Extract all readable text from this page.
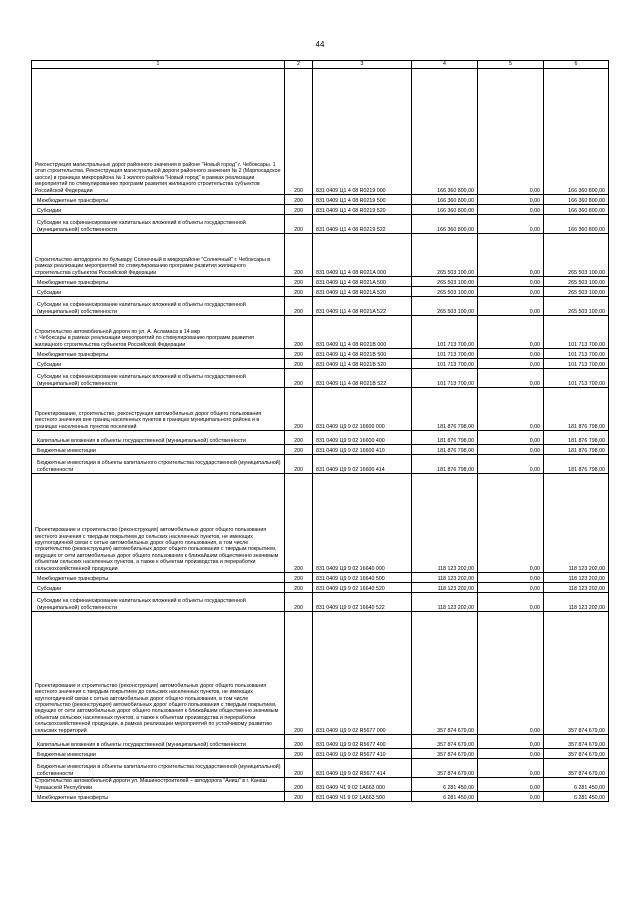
44
1	2	3	4	5	6
Реконструкция магистральных дорог районного значения в районе "Новый город" г. Чебоксары. 1 этап строительства. Реконструкция магистральной дороги районного значения № 2 (Марпосадское шоссе) в границах микрорайона № 1 жилого района "Новый город" в рамках реализации мероприятий по стимулированию программ развития жилищного строительства субъектов Российской Федерации	200	831 0409 Ц1 4 08 R0219 000	166 360 800,00	0,00	166 360 800,00
Межбюджетные трансферты	200	831 0409 Ц1 4 08 R0219 500	166 360 800,00	0,00	166 360 800,00
Субсидии	200	831 0409 Ц1 4 08 R0219 520	166 360 800,00	0,00	166 360 800,00
Субсидии на софинансирование капитальных вложений в объекты государственной (муниципальной) собственности	200	831 0409 Ц1 4 08 R0219 522	166 360 800,00	0,00	166 360 800,00
Строительство автодороги по бульвару Солнечный в микрорайоне "Солнечный" г. Чебоксары в рамках реализации мероприятий по стимулированию программ развития жилищного строительства субъектов Российской Федерации	200	831 0409 Ц1 4 08 R021A 000	265 503 100,00	0,00	265 503 100,00
Межбюджетные трансферты	200	831 0409 Ц1 4 08 R021A 500	265 503 100,00	0,00	265 503 100,00
Субсидии	200	831 0409 Ц1 4 08 R021A 520	265 503 100,00	0,00	265 503 100,00
Субсидии на софинансирование капитальных вложений в объекты государственной (муниципальной) собственности	200	831 0409 Ц1 4 08 R021A 522	265 503 100,00	0,00	265 503 100,00
Строительство автомобильной дороги по ул. А. Асламаса в 14 мкр
г. Чебоксары в рамках реализации мероприятий по стимулированию программ развития жилищного строительства субъектов Российской Федерации	200	831 0409 Ц1 4 08 R021B 000	101 713 700,00	0,00	101 713 700,00
Межбюджетные трансферты	200	831 0409 Ц1 4 08 R021B 500	101 713 700,00	0,00	101 713 700,00
Субсидии	200	831 0409 Ц1 4 08 R021B 520	101 713 700,00	0,00	101 713 700,00
Субсидии на софинансирование капитальных вложений в объекты государственной (муниципальной) собственности	200	831 0409 Ц1 4 08 R021B 522	101 713 700,00	0,00	101 713 700,00
Проектирование, строительство, реконструкция автомобильных дорог общего пользования местного значения вне границ населенных пунктов в границах муниципального района и в границах населенных пунктов поселений	200	831 0409 Ц9 9 02 16600 000	181 876 798,00	0,00	181 876 798,00
Капитальные вложения в объекты государственной (муниципальной) собственности	200	831 0409 Ц9 9 02 16600 400	181 876 798,00	0,00	181 876 798,00
Бюджетные инвестиции	200	831 0409 Ц9 9 02 16600 410	181 876 798,00	0,00	181 876 798,00
Бюджетные инвестиции в объекты капитального строительства государственной (муниципальной) собственности	200	831 0409 Ц9 9 02 16600 414	181 876 798,00	0,00	181 876 798,00
Проектирование и строительство (реконструкция) автомобильных дорог общего пользования местного значения с твердым покрытием до сельских населенных пунктов, не имеющих круглогодичной связи с сетью автомобильных дорог общего пользования, в том числе строительство (реконструкция) автомобильных дорог общего пользования с твердым покрытием, ведущих от сети автомобильных дорог общего пользования к ближайшим общественно значимым объектам сельских населенных пунктов, а также к объектам производства и переработки сельскохозяйственной продукции	200	831 0409 Ц9 9 02 16640 000	118 123 202,00	0,00	118 123 202,00
Межбюджетные трансферты	200	831 0409 Ц9 9 02 16640 500	118 123 202,00	0,00	118 123 202,00
Субсидии	200	831 0409 Ц9 9 02 16640 520	118 123 202,00	0,00	118 123 202,00
Субсидии на софинансирование капитальных вложений в объекты государственной (муниципальной) собственности	200	831 0409 Ц9 9 02 16640 522	118 123 202,00	0,00	118 123 202,00
Проектирование и строительство (реконструкция) автомобильных дорог общего пользования местного значения с твердым покрытием до сельских населенных пунктов, не имеющих круглогодичной связи с сетью автомобильных дорог общего пользования, в том числе строительство (реконструкция) автомобильных дорог общего пользования с твердым покрытием, ведущих от сети автомобильных дорог общего пользования к ближайшим общественно значимым объектам сельских населенных пунктов, а также к объектам производства и переработки сельскохозяйственной продукции, в рамках реализации мероприятий по устойчивому развитию сельских территорий	200	831 0409 Ц9 9 02 R5677 000	357 874 679,00	0,00	357 874 679,00
Капитальные вложения в объекты государственной (муниципальной) собственности	200	831 0409 Ц9 9 02 R5677 400	357 874 679,00	0,00	357 874 679,00
Бюджетные инвестиции	200	831 0409 Ц9 9 02 R5677 410	357 874 679,00	0,00	357 874 679,00
Бюджетные инвестиции в объекты капитального строительства государственной (муниципальной) собственности	200	831 0409 Ц9 9 02 R5677 414	357 874 679,00	0,00	357 874 679,00
Строительство автомобильной дороги ул. Машиностроителей – автодорога "Аниш" в г. Канаш Чувашской Республики	200	831 0409 Ч1 9 02 1А663 000	6 281 450,00	0,00	6 281 450,00
Межбюджетные трансферты	200	831 0409 Ч1 9 02 1А663 500	6 281 450,00	0,00	6 281 450,00
